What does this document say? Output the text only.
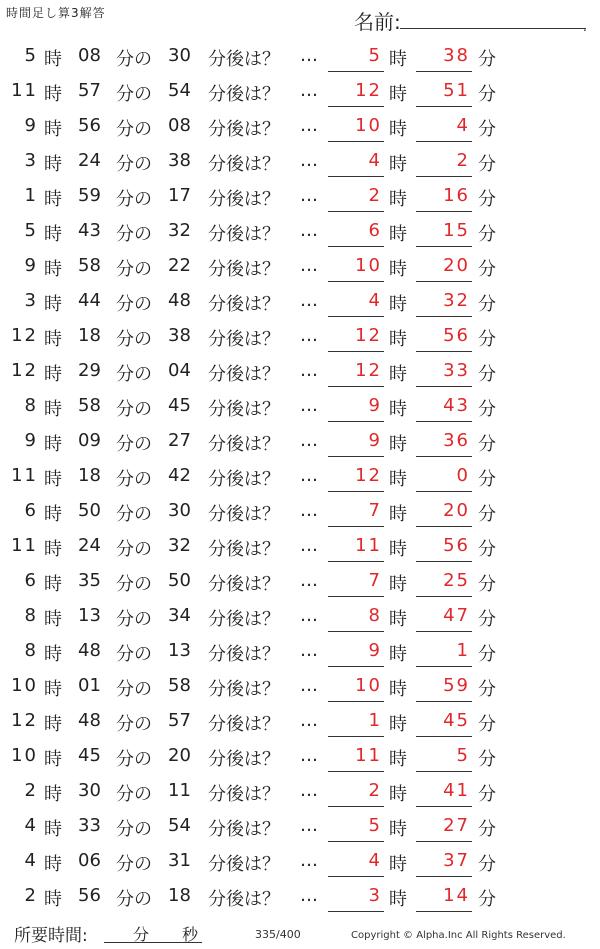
時間足し算3解答	名前:	.
5 時 08 分の 30 分後は？ …	5 時	38 分
11 時 57 分の 54 分後は？ …	12 時	51 分
9 時 56 分の 08 分後は？ …	10 時	4 分
3 時 24 分の 38 分後は？ …	4 時	2 分
1 時 59 分の 17 分後は？ …	2 時	16 分
5 時 43 分の 32 分後は？ …	6 時	15 分
9 時 58 分の 22 分後は？ …	10 時	20 分
3 時 44 分の 48 分後は？ …	4 時	32 分
12 時 18 分の 38 分後は？ …	12 時	56 分
12 時 29 分の 04 分後は？ …	12 時	33 分
8 時 58 分の 45 分後は？ …	9 時	43 分
9 時 09 分の 27 分後は？ …	9 時	36 分
11 時 18 分の 42 分後は？ …	12 時	0 分
6 時 50 分の 30 分後は？ …	7 時	20 分
11 時 24 分の 32 分後は？ …	11 時	56 分
6 時 35 分の 50 分後は？ …	7 時	25 分
8 時 13 分の 34 分後は？ …	8 時	47 分
8 時 48 分の 13 分後は？ …	9 時	1 分
10 時 01 分の 58 分後は？ …	10 時	59 分
12 時 48 分の 57 分後は？ …	1 時	45 分
10 時 45 分の 20 分後は？ …	11 時	5 分
2 時 30 分の 11 分後は？ …	2 時	41 分
4 時 33 分の 54 分後は？ …	5 時	27 分
4 時 06 分の 31 分後は？ …	4 時	37 分
2 時 56 分の 18 分後は？ …	3 時	14 分
所要時間:	分 秒	335/400	Copyright © Alpha.Inc All Rights Reserved.
